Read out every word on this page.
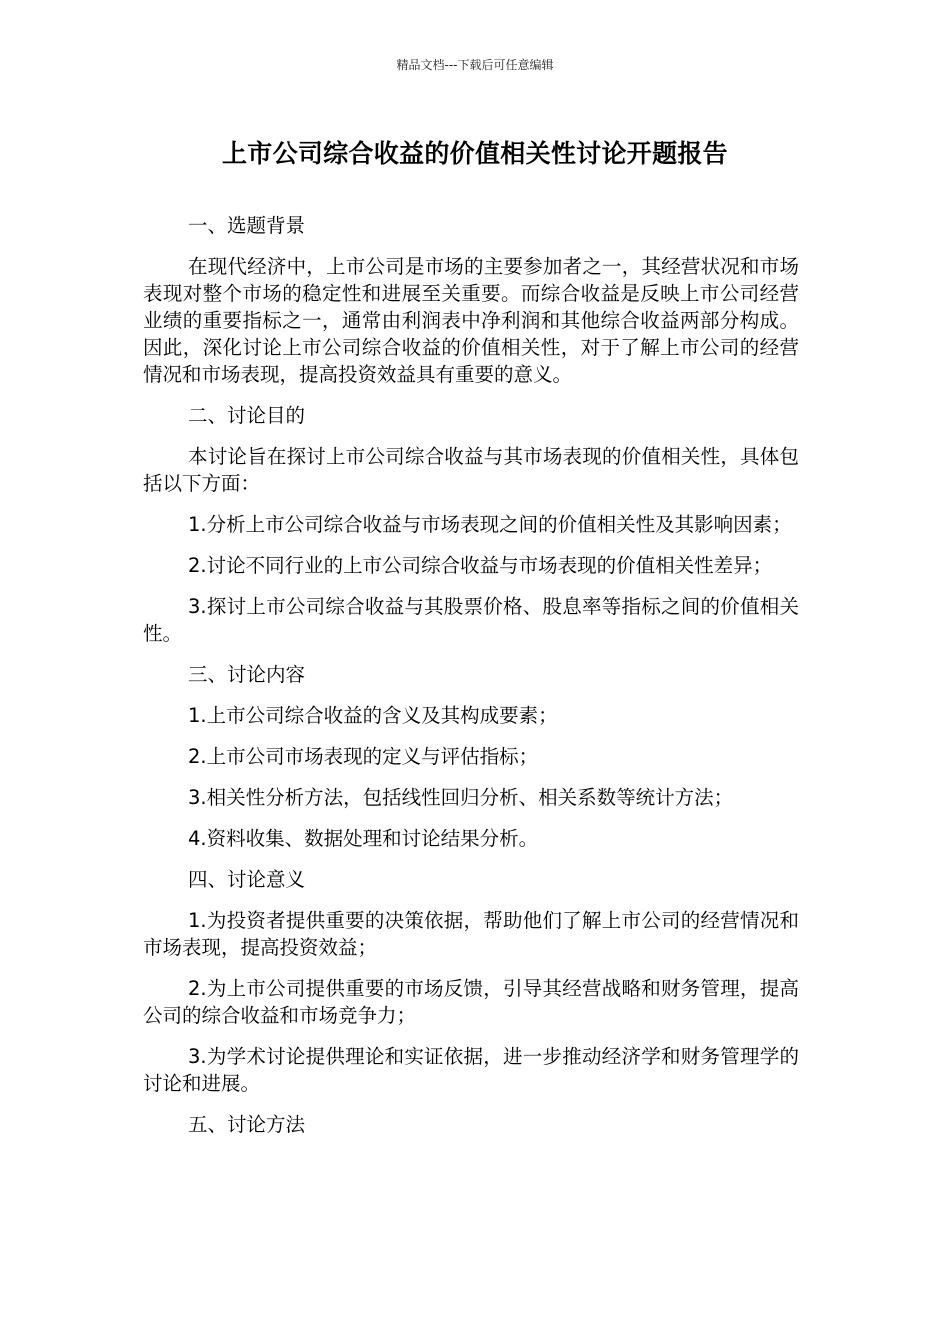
精品文档---下载后可任意编辑
上市公司综合收益的价值相关性讨论开题报告

一、选题背景

在现代经济中，上市公司是市场的主要参加者之一，其经营状况和市场表现对整个市场的稳定性和进展至关重要。而综合收益是反映上市公司经营业绩的重要指标之一，通常由利润表中净利润和其他综合收益两部分构成。因此，深化讨论上市公司综合收益的价值相关性，对于了解上市公司的经营情况和市场表现，提高投资效益具有重要的意义。

二、讨论目的

本讨论旨在探讨上市公司综合收益与其市场表现的价值相关性，具体包括以下方面：

1.分析上市公司综合收益与市场表现之间的价值相关性及其影响因素；

2.讨论不同行业的上市公司综合收益与市场表现的价值相关性差异；

3.探讨上市公司综合收益与其股票价格、股息率等指标之间的价值相关性。

三、讨论内容

1.上市公司综合收益的含义及其构成要素；

2.上市公司市场表现的定义与评估指标；

3.相关性分析方法，包括线性回归分析、相关系数等统计方法；

4.资料收集、数据处理和讨论结果分析。

四、讨论意义

1.为投资者提供重要的决策依据，帮助他们了解上市公司的经营情况和市场表现，提高投资效益；

2.为上市公司提供重要的市场反馈，引导其经营战略和财务管理，提高公司的综合收益和市场竞争力；

3.为学术讨论提供理论和实证依据，进一步推动经济学和财务管理学的讨论和进展。

五、讨论方法
